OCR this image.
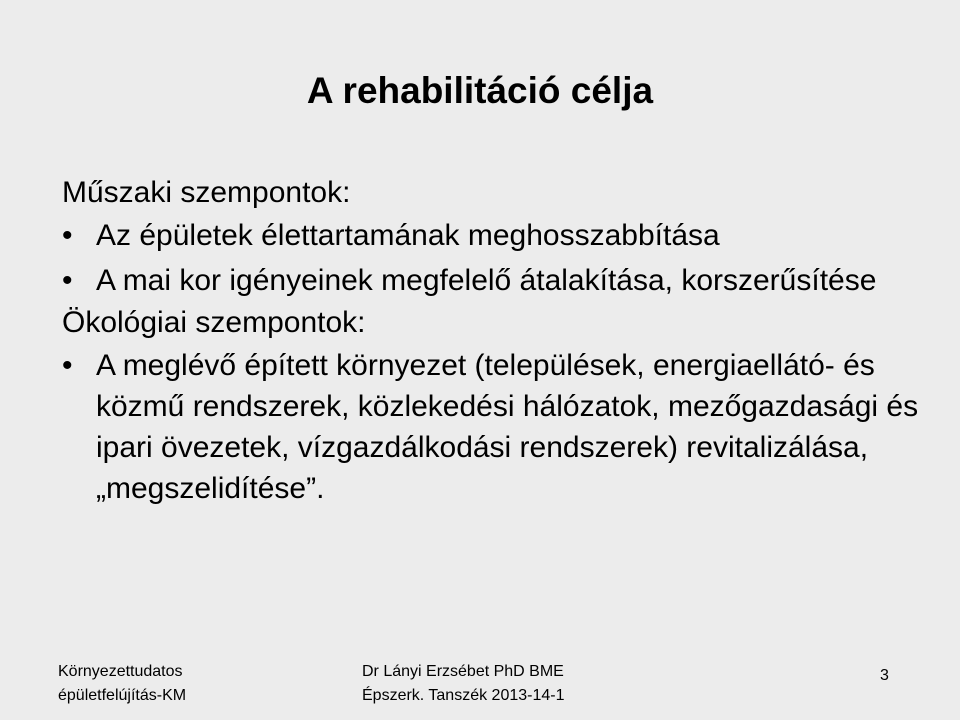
A rehabilitáció célja

Műszaki szempontok:

• Az épületek élettartamának meghosszabbítása
• A mai kor igényeinek megfelelő átalakítása, korszerűsítése

Ökológiai szempontok:

• A meglévő épített környezet (települések, energiaellátó- és közmű rendszerek, közlekedési hálózatok, mezőgazdasági és ipari övezetek, vízgazdálkodási rendszerek) revitalizálása, „megszelidítése”.
Környezettudatos
épületfelújítás-KM
Dr Lányi Erzsébet PhD BME
Épszerk. Tanszék 2013-14-1
3
